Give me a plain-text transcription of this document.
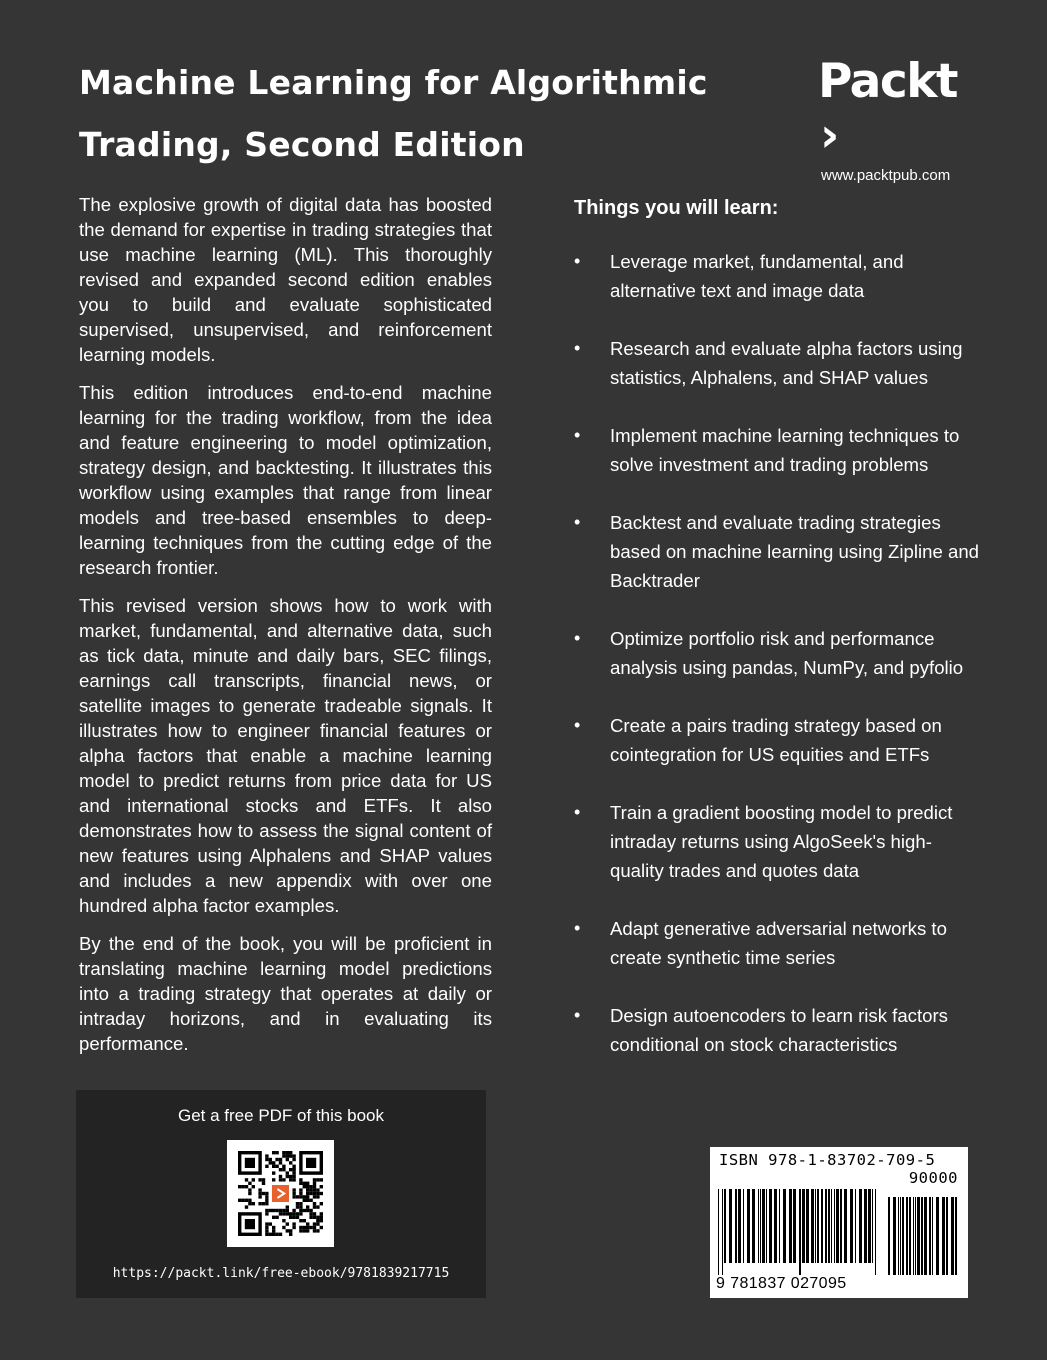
Machine Learning for Algorithmic
Trading, Second Edition
Packt›
www.packtpub.com

The explosive growth of digital data has boosted the demand for expertise in trading strategies that use machine learning (ML). This thoroughly revised and expanded second edition enables you to build and evaluate sophisticated supervised, unsupervised, and reinforcement learning models.

This edition introduces end-to-end machine learning for the trading workflow, from the idea and feature engineering to model optimization, strategy design, and backtesting. It illustrates this workflow using examples that range from linear models and tree-based ensembles to deep-learning techniques from the cutting edge of the research frontier.

This revised version shows how to work with market, fundamental, and alternative data, such as tick data, minute and daily bars, SEC filings, earnings call transcripts, financial news, or satellite images to generate tradeable signals. It illustrates how to engineer financial features or alpha factors that enable a machine learning model to predict returns from price data for US and international stocks and ETFs. It also demonstrates how to assess the signal content of new features using Alphalens and SHAP values and includes a new appendix with over one hundred alpha factor examples.

By the end of the book, you will be proficient in translating machine learning model predictions into a trading strategy that operates at daily or intraday horizons, and in evaluating its performance.

Things you will learn:
• Leverage market, fundamental, and alternative text and image data
• Research and evaluate alpha factors using statistics, Alphalens, and SHAP values
• Implement machine learning techniques to solve investment and trading problems
• Backtest and evaluate trading strategies based on machine learning using Zipline and Backtrader
• Optimize portfolio risk and performance analysis using pandas, NumPy, and pyfolio
• Create a pairs trading strategy based on cointegration for US equities and ETFs
• Train a gradient boosting model to predict intraday returns using AlgoSeek's high-quality trades and quotes data
• Adapt generative adversarial networks to create synthetic time series
• Design autoencoders to learn risk factors conditional on stock characteristics
Get a free PDF of this book
https://packt.link/free-ebook/9781839217715
ISBN 978-1-83702-709-5
90000
9 781837 027095
